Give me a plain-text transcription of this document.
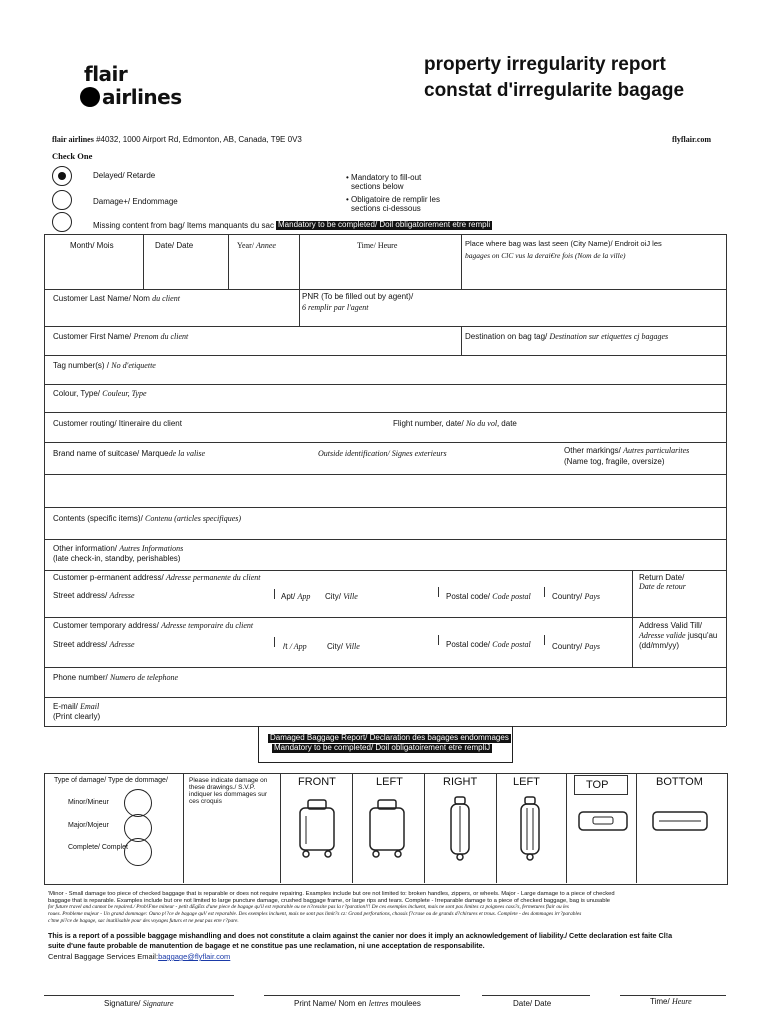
flair
airlines
property irregularity report
constat d'irregularite bagage
flair airlines #4032, 1000 Airport Rd, Edmonton, AB, Canada, T9E 0V3	flyflair.com
Check One
Delayed/ Retarde
Damage+/ Endommage
Missing content from bag/ Items manquants du sac
• Mandatory to fill-out
sections below
• Obligatoire de remplir les
sections ci-dessous
Mandatory to be completed/ Doil obligatoirement etre rempli
Month/ Mois	Date/ Date	Year/ Annee	Time/ Heure	Place where bag was last seen (City Name)/ Endroit oiJ les
bagages on ClC vus la derai€re fois (Nom de la ville)
Customer Last Name/ Nom du client	PNR (To be filled out by agent)/
6 remplir par l'agent
Customer First Name/ Prenom du client	Destination on bag tag/ Destination sur etiquettes cj bagages
Tag number(s) / No d'etiquette
Colour, Type/ Couleur, Type
Customer routing/ Itineraire du client	Flight number, date/ No du vol, date
Brand name of suitcase/ Marquede la valise	Outside identification/ Signes exterieurs	Other markings/ Autres particularites
(Name tog, fragile, oversize)
Contents (specific items)/ Contenu (articles specifiques)
Other information/ Autres Informations
(late check-in, standby, perishables)
Customer p-ermanent address/ Adresse permanente du client
Street address/ Adresse	Apt/ App City/ Ville	Postal code/ Code postal	Country/ Pays
Return Date/
Date de retour
Customer temporary address/ Adresse temporaire du client
Street address/ Adresse	/t / App	City/ Ville	Postal code/ Code postal	Country/ Pays
Address Valid Till/
Adresse valide jusqu'au
(dd/mm/yy)
Phone number/ Numero de telephone
E-mail/ Email
(Print clearly)
Damaged Baggage Report/ Declaration des bagages endommages
Mandatory to be completed/ Doil obligatoirement etre rempliJ
Type of damage/ Type de dommage/
Minor/Mineur
Major/Mojeur
Complete/ Complet
Please indicate damage on
these drawings./ S.V.P.
indiquer les dommages sur
ces croquis
FRONT	LEFT	RIGHT	LEFT	TOP	BOTTOM
'Minor - Small damage too piece of checked baggage that is reparable or does not require repairing. Examples include but ore not limited to: broken handles, zippers, or wheels. Major - Large damage to a piece of checked
baggage that is reparable. Examples include but ore not limited to large puncture damage, crushed baggage frame, or large rips and tears. Complete - Irreparable damage to a piece of checked baggage, bag is unusable
for future travel and cannot be repaired./ Prob!Fme mineur - petit dEgEts d'une piece de bagage qu'il est reparable ou ne n?cessite pas la r?paration!!! De ces exemples incluent, mais ne sont pas limites cz poignees cass?s, fermetures flair ou les
roues. Probleme majeur - Un grand dommage: Ouno p!?ce de bagage quV est reparable. Des exemples incluent, mais ne sont pas limit?s cz: Grand perforations, chassis f?crase ou de grands d?chirures et trous. Complete - des dommages irr?parables
c'tme pi?ce de bagage, sac inutilisable pour des voyages futurs et ne peut pas etre r?pare.
This is a report of a possible baggage mishandling and does not constitute a claim against the canier nor does it imply an acknowledgement of liability./ Cette declaration est faite Cl!a
suite d'une faute probable de manutention de bagage et ne constitue pas une reclamation, ni une acceptation de responsabilite.
Central Baggage Services Email:baggage@flyflair.com
Signature/ Signature	Print Name/ Nom en lettres moulees	Date/ Date	Time/ Heure
